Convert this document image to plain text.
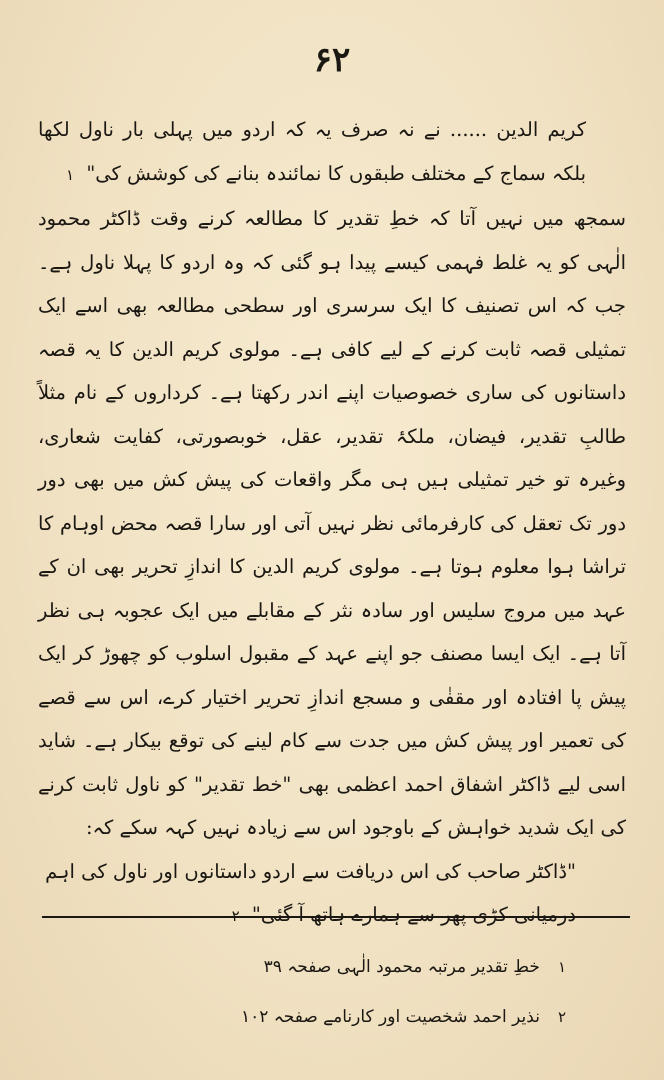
۶۲

کریم الدین ...... نے نہ صرف یہ کہ اردو میں پہلی بار ناول لکھا بلکہ سماج کے مختلف طبقوں کا نمائندہ بنانے کی کوشش کی" ۱

سمجھ میں نہیں آتا کہ خطِ تقدیر کا مطالعہ کرنے وقت ڈاکٹر محمود الٰہی کو یہ غلط فہمی کیسے پیدا ہو گئی کہ وہ اردو کا پہلا ناول ہے۔ جب کہ اس تصنیف کا ایک سرسری اور سطحی مطالعہ بھی اسے ایک تمثیلی قصہ ثابت کرنے کے لیے کافی ہے۔ مولوی کریم الدین کا یہ قصہ داستانوں کی ساری خصوصیات اپنے اندر رکھتا ہے۔ کرداروں کے نام مثلاً طالبِ تقدیر، فیضان، ملکۂ تقدیر، عقل، خوبصورتی، کفایت شعاری، وغیرہ تو خیر تمثیلی ہیں ہی مگر واقعات کی پیش کش میں بھی دور دور تک تعقل کی کارفرمائی نظر نہیں آتی اور سارا قصہ محض اوہام کا تراشا ہوا معلوم ہوتا ہے۔ مولوی کریم الدین کا اندازِ تحریر بھی ان کے عہد میں مروج سلیس اور سادہ نثر کے مقابلے میں ایک عجوبہ ہی نظر آتا ہے۔ ایک ایسا مصنف جو اپنے عہد کے مقبول اسلوب کو چھوڑ کر ایک پیش پا افتادہ اور مقفٰی و مسجع اندازِ تحریر اختیار کرے، اس سے قصے کی تعمیر اور پیش کش میں جدت سے کام لینے کی توقع بیکار ہے۔ شاید اسی لیے ڈاکٹر اشفاق احمد اعظمی بھی "خط تقدیر" کو ناول ثابت کرنے کی ایک شدید خواہش کے باوجود اس سے زیادہ نہیں کہہ سکے کہ:

"ڈاکٹر صاحب کی اس دریافت سے اردو داستانوں اور ناول کی اہم درمیانی کڑی پھر سے ہمارے ہاتھ آ گئی" ۲

۱خطِ تقدیر مرتبہ محمود الٰہی صفحہ ۳۹

۲نذیر احمد شخصیت اور کارنامے صفحہ ۱۰۲
